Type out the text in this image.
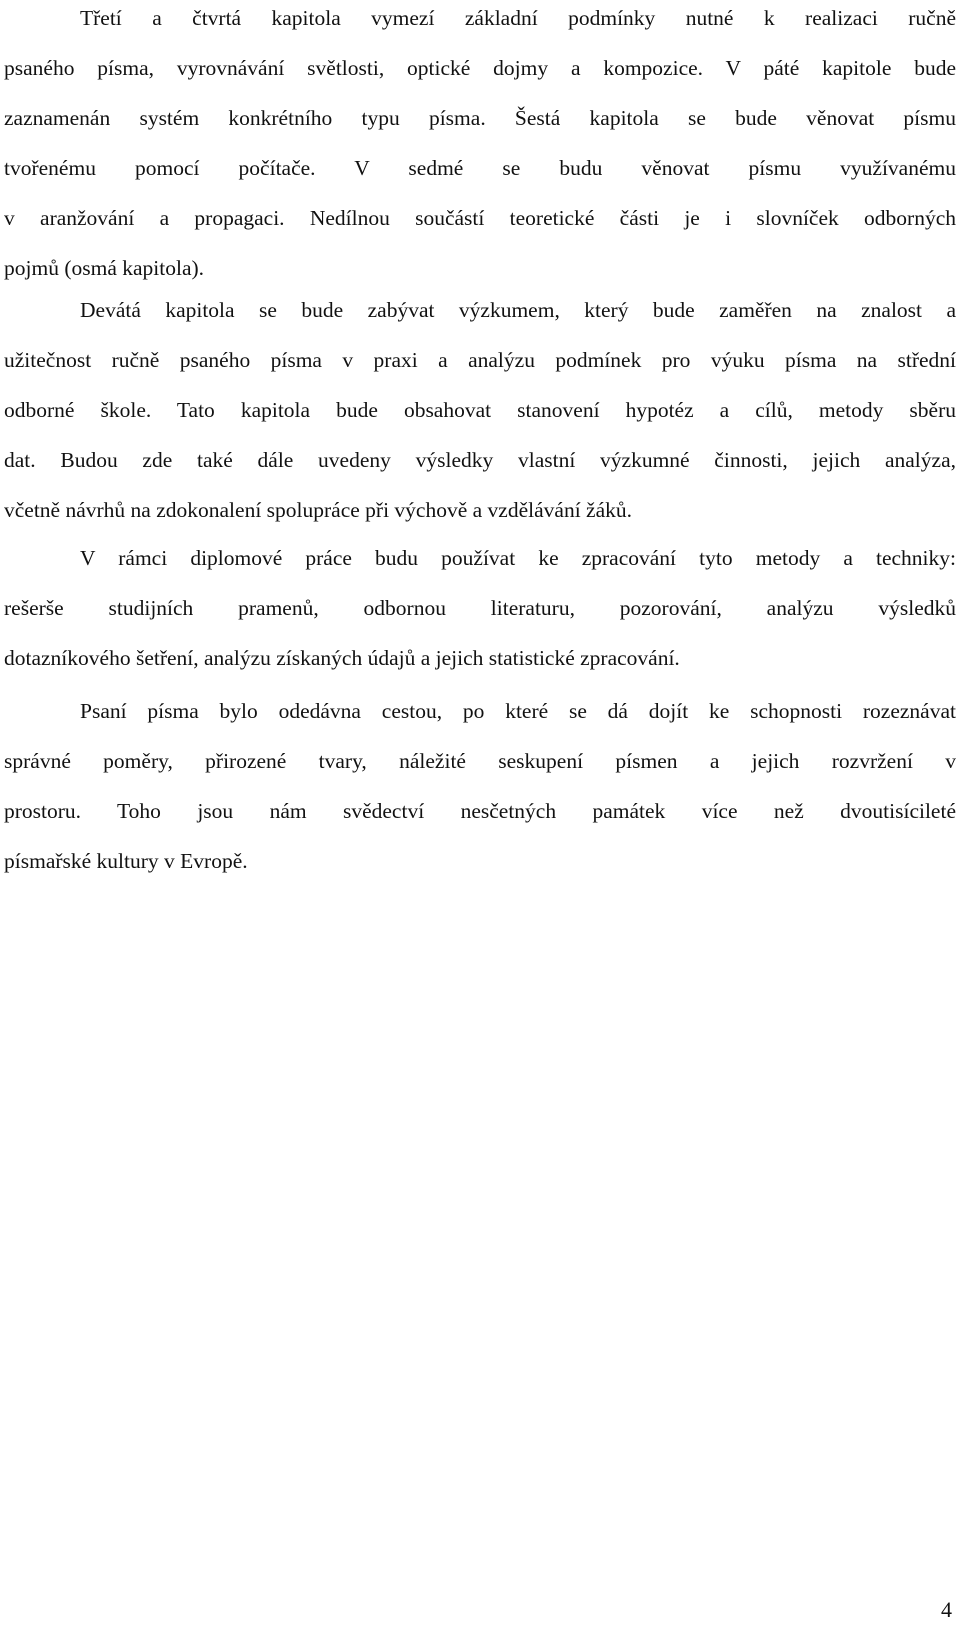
Třetí a čtvrtá kapitola vymezí základní podmínky nutné k realizaci ručně
psaného písma, vyrovnávání světlosti, optické dojmy a kompozice. V páté kapitole bude
zaznamenán systém konkrétního typu písma. Šestá kapitola se bude věnovat písmu
tvořenému pomocí počítače. V sedmé se budu věnovat písmu využívanému
v aranžování a propagaci. Nedílnou součástí teoretické části je i slovníček odborných
pojmů (osmá kapitola).

Devátá kapitola se bude zabývat výzkumem, který bude zaměřen na znalost a
užitečnost ručně psaného písma v praxi a analýzu podmínek pro výuku písma na střední
odborné škole. Tato kapitola bude obsahovat stanovení hypotéz a cílů, metody sběru
dat. Budou zde také dále uvedeny výsledky vlastní výzkumné činnosti, jejich analýza,
včetně návrhů na zdokonalení spolupráce při výchově a vzdělávání žáků.

V rámci diplomové práce budu používat ke zpracování tyto metody a techniky:
rešerše studijních pramenů, odbornou literaturu, pozorování, analýzu výsledků
dotazníkového šetření, analýzu získaných údajů a jejich statistické zpracování.

Psaní písma bylo odedávna cestou, po které se dá dojít ke schopnosti rozeznávat
správné poměry, přirozené tvary, náležité seskupení písmen a jejich rozvržení v
prostoru. Toho jsou nám svědectví nesčetných památek více než dvoutisícileté
písmařské kultury v Evropě.

4
